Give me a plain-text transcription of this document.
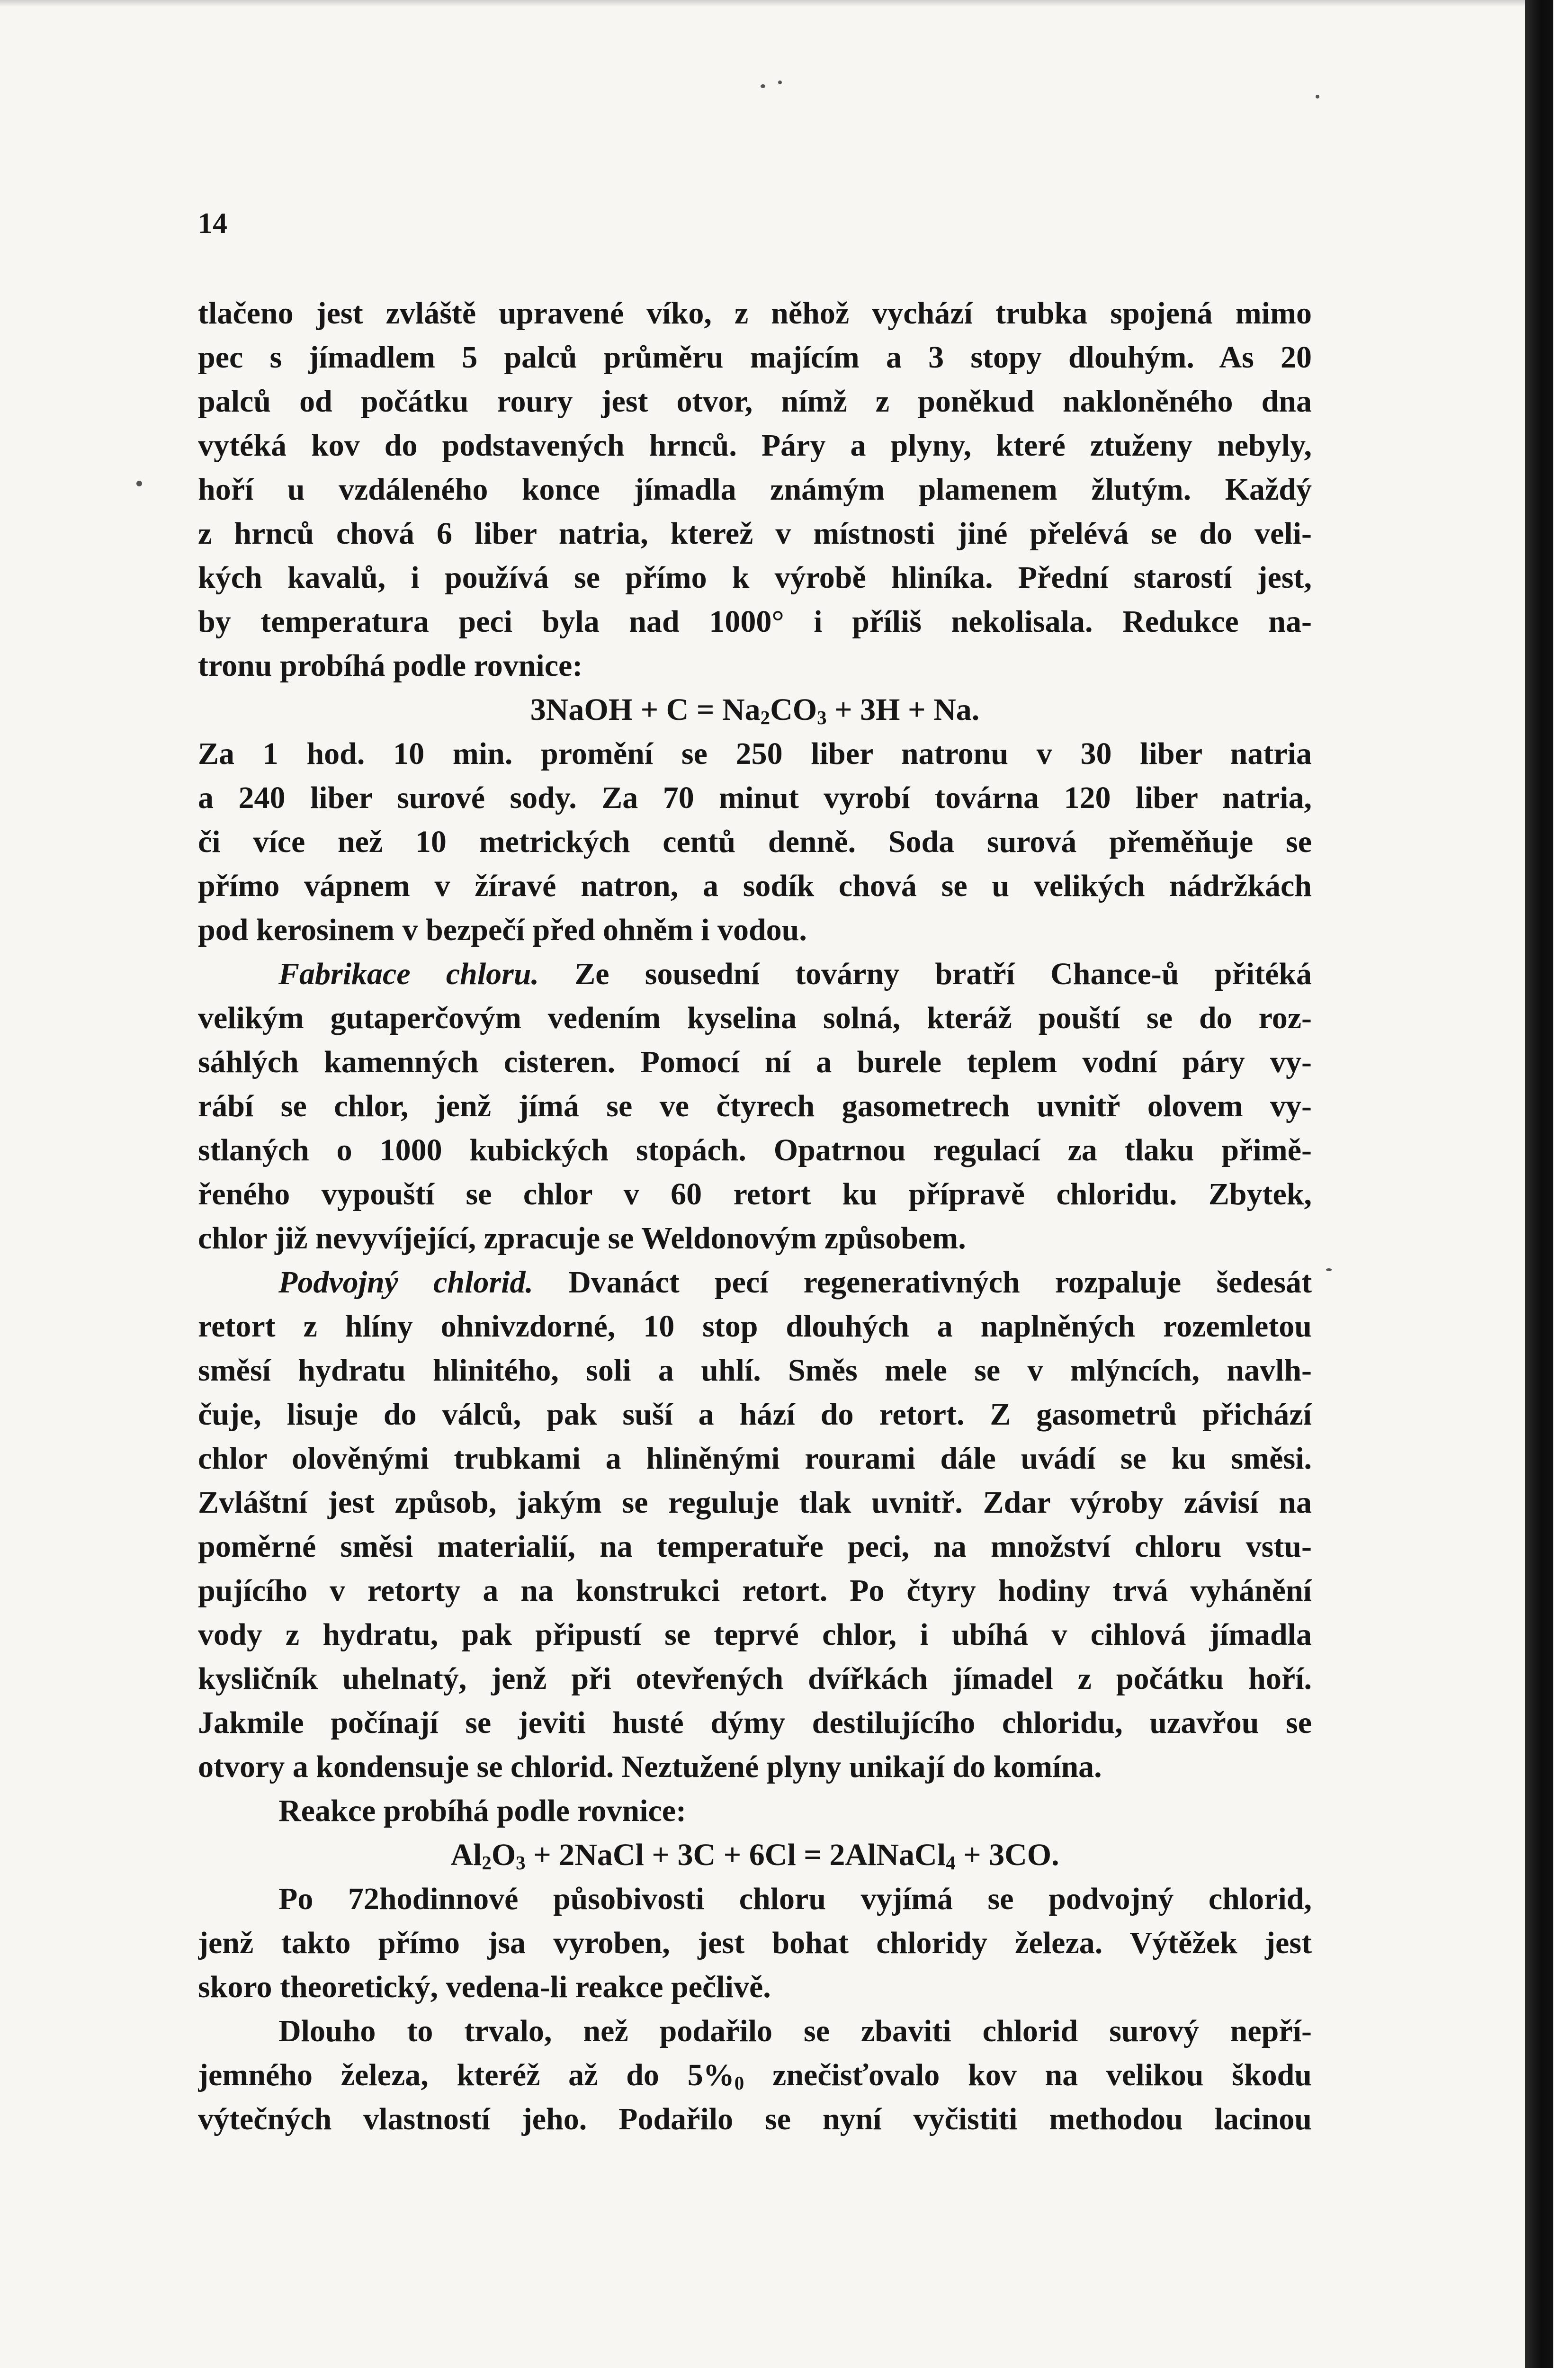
14
tlačeno jest zvláště upravené víko, z něhož vychází trubka spojená mimo
pec s jímadlem 5 palců průměru majícím a 3 stopy dlouhým. As 20
palců od počátku roury jest otvor, nímž z poněkud nakloněného dna
vytéká kov do podstavených hrnců. Páry a plyny, které ztuženy nebyly,
hoří u vzdáleného konce jímadla známým plamenem žlutým. Každý
z hrnců chová 6 liber natria, kterež v místnosti jiné přelévá se do veli-
kých kavalů, i používá se přímo k výrobě hliníka. Přední starostí jest,
by temperatura peci byla nad 1000° i příliš nekolisala. Redukce na-
tronu probíhá podle rovnice:
3NaOH + $C = Na_2CO_3 + 3H + Na$.
Za 1 hod. 10 min. promění se 250 liber natronu v 30 liber natria
a 240 liber surové sody. Za 70 minut vyrobí továrna 120 liber natria,
či více než 10 metrických centů denně. Soda surová přeměňuje se
přímo vápnem v žíravé natron, a sodík chová se u velikých nádržkách
pod kerosinem v bezpečí před ohněm i vodou.
Fabrikace chloru. Ze sousední továrny bratří Chance-ů přitéká
velikým gutaperčovým vedením kyselina solná, kteráž pouští se do roz-
sáhlých kamenných cisteren. Pomocí ní a burele teplem vodní páry vy-
rábí se chlor, jenž jímá se ve čtyrech gasometrech uvnitř olovem vy-
stlaných o 1000 kubických stopách. Opatrnou regulací za tlaku přimě-
řeného vypouští se chlor v 60 retort ku přípravě chloridu. Zbytek,
chlor již nevyvíjející, zpracuje se Weldonovým způsobem.
Podvojný chlorid. Dvanáct pecí regenerativných rozpaluje šedesát
retort z hlíny ohnivzdorné, 10 stop dlouhých a naplněných rozemletou
směsí hydratu hlinitého, soli a uhlí. Směs mele se v mlýncích, navlh-
čuje, lisuje do válců, pak suší a hází do retort. Z gasometrů přichází
chlor olověnými trubkami a hliněnými rourami dále uvádí se ku směsi.
Zvláštní jest způsob, jakým se reguluje tlak uvnitř. Zdar výroby závisí na
poměrné směsi materialií, na temperatuře peci, na množství chloru vstu-
pujícího v retorty a na konstrukci retort. Po čtyry hodiny trvá vyhánění
vody z hydratu, pak připustí se teprvé chlor, i ubíhá v cihlová jímadla
kysličník uhelnatý, jenž při otevřených dvířkách jímadel z počátku hoří.
Jakmile počínají se jeviti husté dýmy destilujícího chloridu, uzavřou se
otvory a kondensuje se chlorid. Neztužené plyny unikají do komína.
Reakce probíhá podle rovnice:
$Al_2O_3$ + 2NaCl + 3C + 6Cl = 2AlNaCl$_4$ + 3CO.
Po 72hodinnové působivosti chloru vyjímá se podvojný chlorid,
jenž takto přímo jsa vyroben, jest bohat chloridy železa. Výtěžek jest
skoro theoretický, vedena-li reakce pečlivě.
Dlouho to trvalo, než podařilo se zbaviti chlorid surový nepří-
jemného železa, kteréž až do $5\%_0$ znečisťovalo kov na velikou škodu
výtečných vlastností jeho. Podařilo se nyní vyčistiti methodou lacinou
